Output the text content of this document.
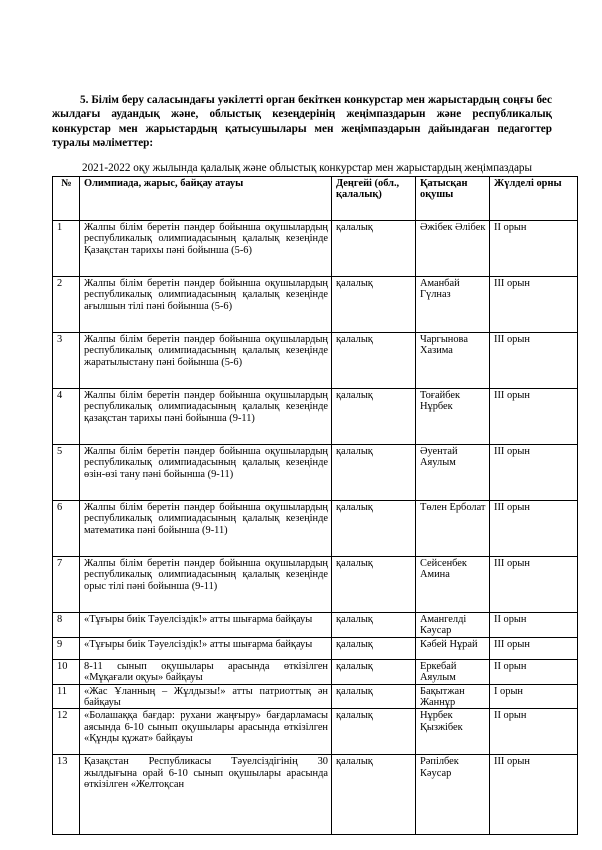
5. Білім беру саласындағы уәкілетті орган бекіткен конкурстар мен жарыстардың соңғы бес жылдағы аудандық және, облыстық кезеңдерінің жеңімпаздарын және республикалық конкурстар мен жарыстардың қатысушылары мен жеңімпаздарын дайындаған педагогтер туралы мәліметтер:

2021-2022 оқу жылында қалалық және облыстық конкурстар мен жарыстардың жеңімпаздары

№	Олимпиада, жарыс, байқау атауы	Деңгейі (обл., қалалық)	Қатысқан оқушы	Жүлделі орны
1	Жалпы білім беретін пәндер бойынша оқушылардың республикалық олимпиадасының қалалық кезеңінде Қазақстан тарихы пәні бойынша (5-6)	қалалық	Әжібек Әлібек	ІІ орын
2	Жалпы білім беретін пәндер бойынша оқушылардың республикалық олимпиадасының қалалық кезеңінде ағылшын тілі пәні бойынша (5-6)	қалалық	Аманбай Гүлназ	ІІІ орын
3	Жалпы білім беретін пәндер бойынша оқушылардың республикалық олимпиадасының қалалық кезеңінде жаратылыстану пәні бойынша (5-6)	қалалық	Чаргынова Хазима	ІІІ орын
4	Жалпы білім беретін пәндер бойынша оқушылардың республикалық олимпиадасының қалалық кезеңінде қазақстан тарихы пәні бойынша (9-11)	қалалық	Тоғайбек Нұрбек	ІІІ орын
5	Жалпы білім беретін пәндер бойынша оқушылардың республикалық олимпиадасының қалалық кезеңінде өзін-өзі тану пәні бойынша (9-11)	қалалық	Әуентай Аяулым	ІІІ орын
6	Жалпы білім беретін пәндер бойынша оқушылардың республикалық олимпиадасының қалалық кезеңінде математика пәні бойынша (9-11)	қалалық	Төлен Ерболат	ІІІ орын
7	Жалпы білім беретін пәндер бойынша оқушылардың республикалық олимпиадасының қалалық кезеңінде орыс тілі пәні бойынша (9-11)	қалалық	Сейсенбек Амина	ІІІ орын
8	«Тұғыры биік Тәуелсіздік!» атты шығарма байқауы	қалалық	Амангелді Кәусар	ІІ орын
9	«Тұғыры биік Тәуелсіздік!» атты шығарма байқауы	қалалық	Кәбей Нұрай	ІІІ орын
10	8-11 сынып оқушылары арасында өткізілген «Мұқағали оқуы» байқауы	қалалық	Еркебай Аяулым	ІІ орын
11	«Жас Ұланның – Жұлдызы!» атты патриоттық ән байқауы	қалалық	Бақытжан Жаннұр	І орын
12	«Болашаққа бағдар: рухани жаңғыру» бағдарламасы аясында 6-10 сынып оқушылары арасында өткізілген «Құнды құжат» байқауы	қалалық	Нұрбек Қызжібек	ІІ орын
13	Қазақстан Республикасы Тәуелсіздігінің 30 жылдығына орай 6-10 сынып оқушылары арасында өткізілген «Желтоқсан	қалалық	Рәпілбек Кәусар	ІІІ орын
